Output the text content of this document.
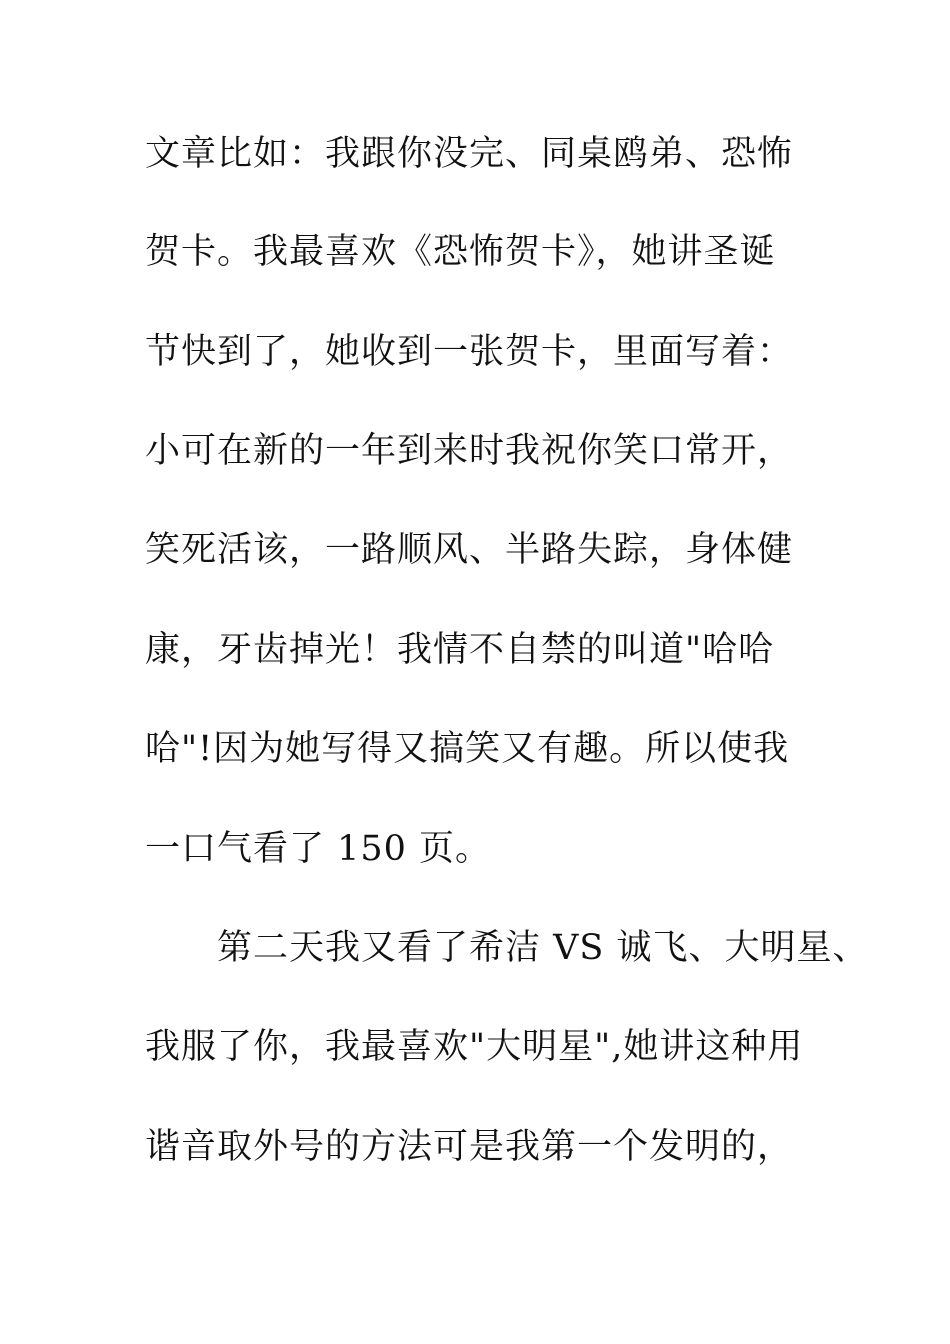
文章比如：我跟你没完、同桌鸥弟、恐怖
贺卡。我最喜欢《恐怖贺卡》，她讲圣诞
节快到了，她收到一张贺卡，里面写着：
小可在新的一年到来时我祝你笑口常开，
笑死活该，一路顺风、半路失踪，身体健
康，牙齿掉光！我情不自禁的叫道"哈哈
哈"!因为她写得又搞笑又有趣。所以使我
一口气看了 150 页。
第二天我又看了希洁 VS 诚飞、大明星、
我服了你，我最喜欢"大明星",她讲这种用
谐音取外号的方法可是我第一个发明的，
